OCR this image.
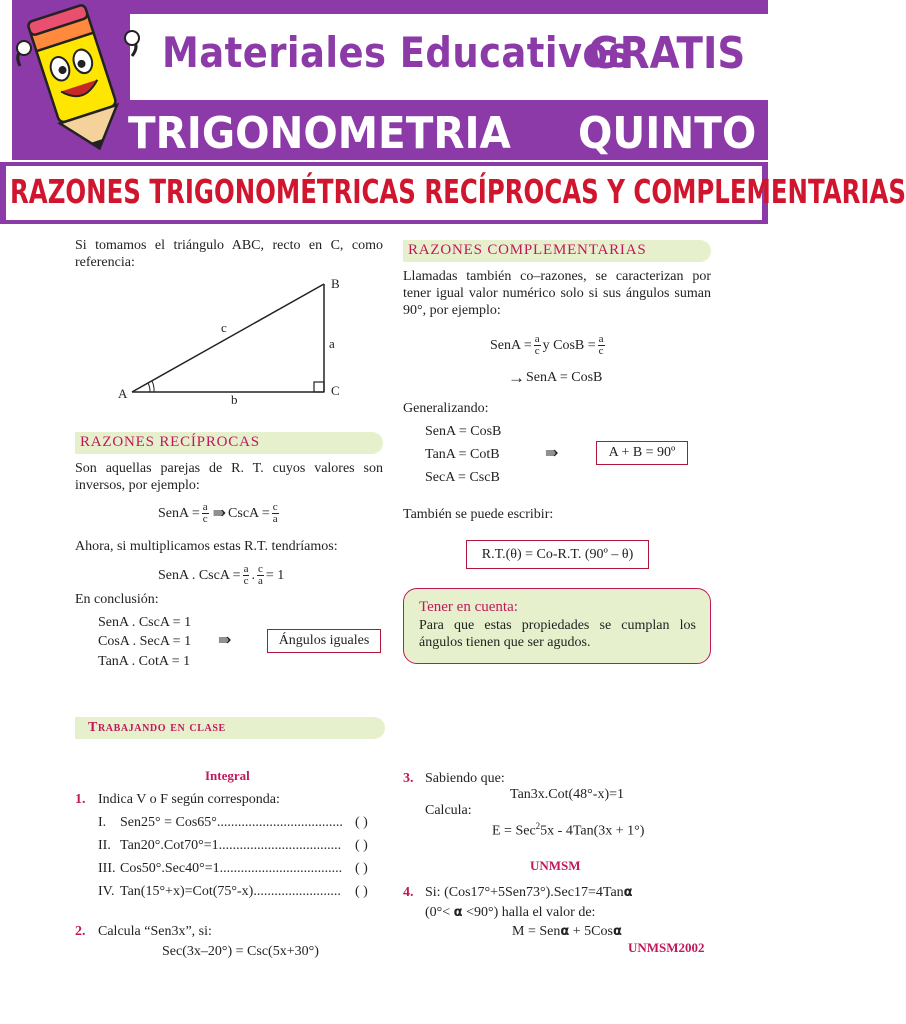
Materiales Educativos
GRATIS
TRIGONOMETRIA QUINTO
RAZONES TRIGONOMÉTRICAS RECÍPROCAS Y COMPLEMENTARIAS
Si tomamos el triángulo ABC, recto en C, como referencia:
A
B
C
a
b
c
RAZONES RECÍPROCAS
Son aquellas parejas de R. T. cuyos valores son inversos, por ejemplo:
SenA = $\frac{a}{c}$ ⇛ CscA = $\frac{c}{a}$
Ahora, si multiplicamos estas R.T. tendríamos:
SenA . CscA = $\frac{a}{c}$ . $\frac{c}{a} = 1$
En conclusión:
SenA . CscA = 1
CosA . SecA = 1
TanA . CotA = 1
⇛	Ángulos iguales
RAZONES COMPLEMENTARIAS
Llamadas también co–razones, se caracterizan por tener igual valor numérico solo si sus ángulos suman 90°, por ejemplo:
SenA = $\frac{a}{c}$ y CosB = $\frac{a}{c}$
→ SenA = CosB
Generalizando:
SenA = CosB
TanA = CotB
SecA = CscB
⇛	A + B = 90º
También se puede escribir:
R.T.(θ) = Co-R.T. (90º – θ)
Tener en cuenta:
Para que estas propiedades se cumplan los ángulos tienen que ser agudos.
Trabajando en clase
Integral
1. Indica V o F según corresponda:
I. Sen25° = Cos65°.................................... ( )
II. Tan20°.Cot70°=1................................... ( )
III. Cos50°.Sec40°=1................................... ( )
IV. Tan(15°+x)=Cot(75°-x)......................... ( )
2. Calcula “Sen3x”, si:
Sec(3x–20°) = Csc(5x+30°)
3. Sabiendo que:
Tan3x.Cot(48°-x)=1
Calcula:
E = Sec$^2$5x - 4Tan(3x + 1°)
UNMSM
4. Si: (Cos17°+5Sen73°).Sec17=4Tanα
(0°< α <90°) halla el valor de:
M = Senα + 5Cosα
UNMSM2002
